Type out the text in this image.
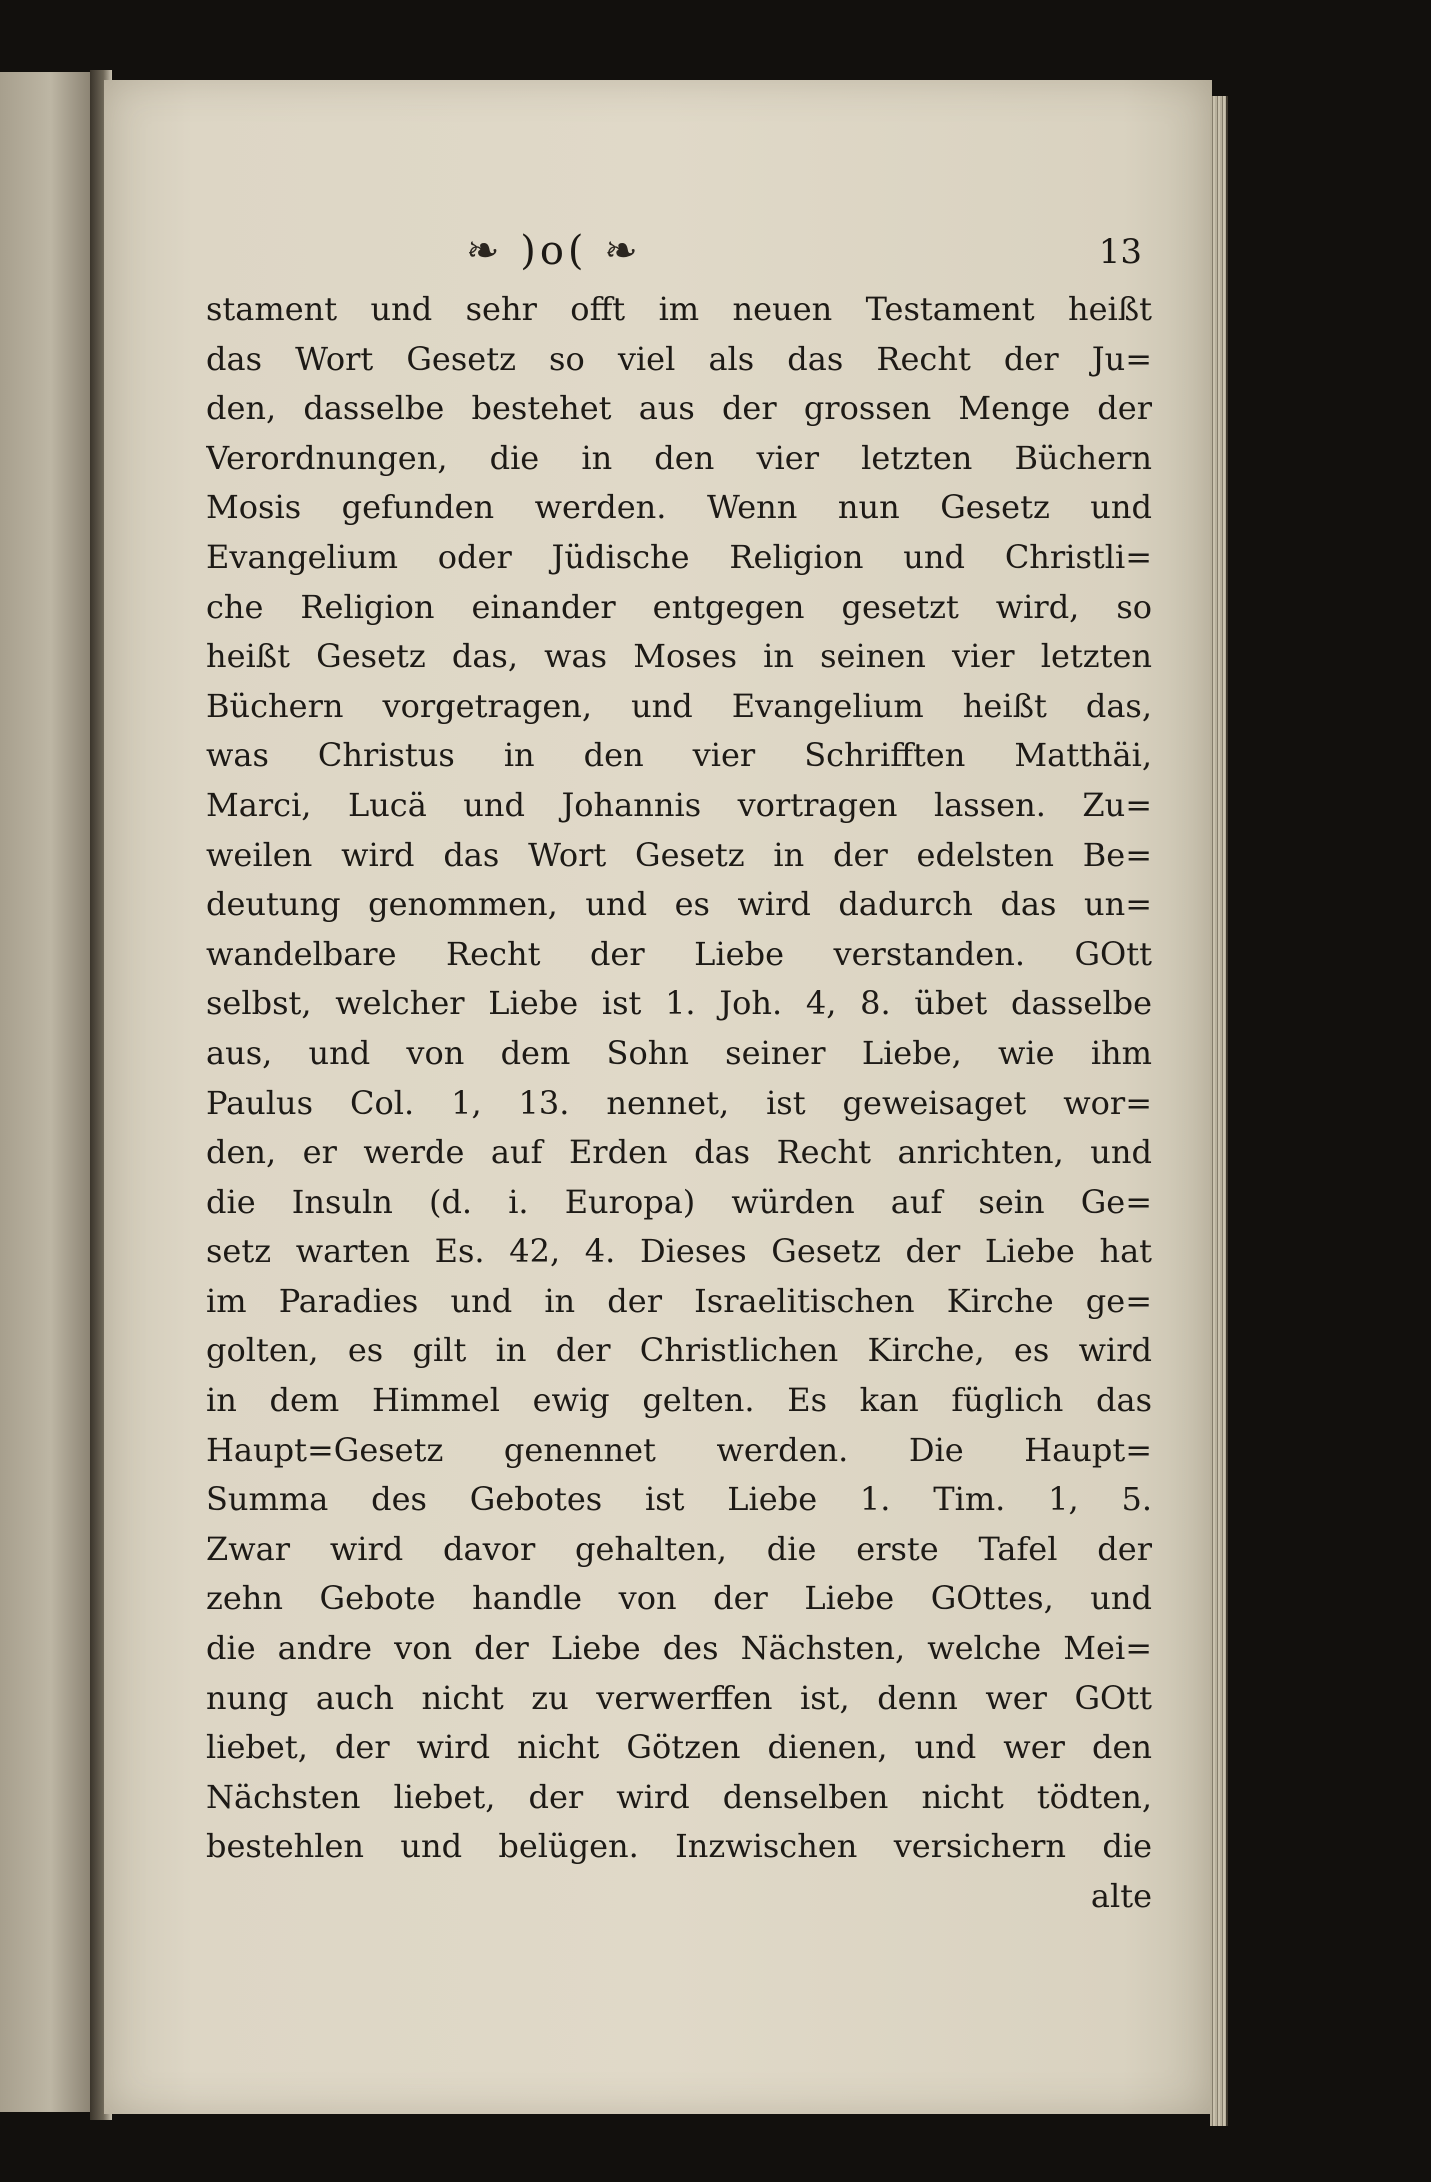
❧ )o( ❧	13
stament und sehr offt im neuen Testament heißt
das Wort Gesetz so viel als das Recht der Ju=
den, dasselbe bestehet aus der grossen Menge der
Verordnungen, die in den vier letzten Büchern
Mosis gefunden werden. Wenn nun Gesetz und
Evangelium oder Jüdische Religion und Christli=
che Religion einander entgegen gesetzt wird, so
heißt Gesetz das, was Moses in seinen vier letzten
Büchern vorgetragen, und Evangelium heißt das,
was Christus in den vier Schrifften Matthäi,
Marci, Lucä und Johannis vortragen lassen. Zu=
weilen wird das Wort Gesetz in der edelsten Be=
deutung genommen, und es wird dadurch das un=
wandelbare Recht der Liebe verstanden. GOtt
selbst, welcher Liebe ist 1. Joh. 4, 8. übet dasselbe
aus, und von dem Sohn seiner Liebe, wie ihm
Paulus Col. 1, 13. nennet, ist geweisaget wor=
den, er werde auf Erden das Recht anrichten, und
die Insuln (d. i. Europa) würden auf sein Ge=
setz warten Es. 42, 4. Dieses Gesetz der Liebe hat
im Paradies und in der Israelitischen Kirche ge=
golten, es gilt in der Christlichen Kirche, es wird
in dem Himmel ewig gelten. Es kan füglich das
Haupt=Gesetz genennet werden. Die Haupt=
Summa des Gebotes ist Liebe 1. Tim. 1, 5.
Zwar wird davor gehalten, die erste Tafel der
zehn Gebote handle von der Liebe GOttes, und
die andre von der Liebe des Nächsten, welche Mei=
nung auch nicht zu verwerffen ist, denn wer GOtt
liebet, der wird nicht Götzen dienen, und wer den
Nächsten liebet, der wird denselben nicht tödten,
bestehlen und belügen. Inzwischen versichern die
alte
